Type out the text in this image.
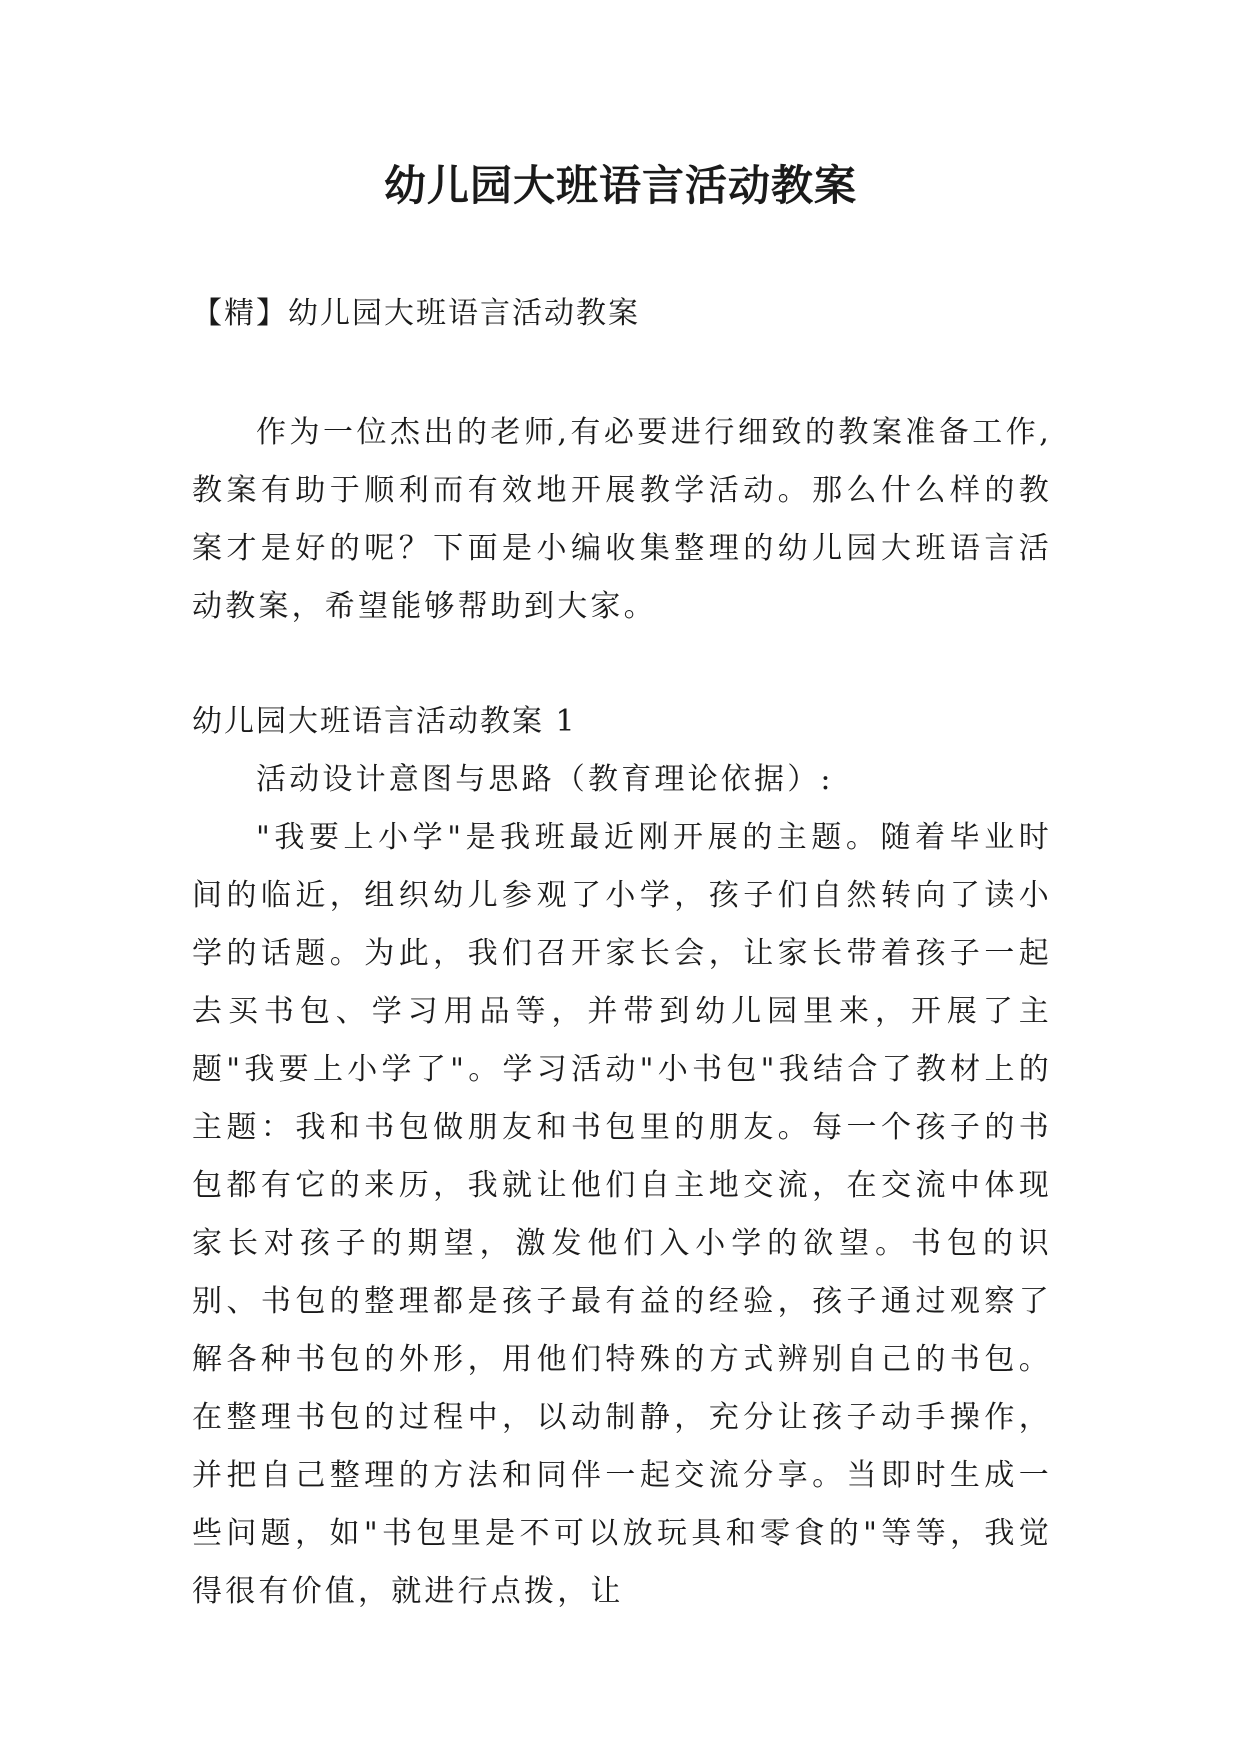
幼儿园大班语言活动教案
【精】幼儿园大班语言活动教案

作为一位杰出的老师,有必要进行细致的教案准备工作,教案有助于顺利而有效地开展教学活动。那么什么样的教案才是好的呢？下面是小编收集整理的幼儿园大班语言活动教案，希望能够帮助到大家。

幼儿园大班语言活动教案 1

活动设计意图与思路（教育理论依据）:

"我要上小学"是我班最近刚开展的主题。随着毕业时间的临近，组织幼儿参观了小学，孩子们自然转向了读小学的话题。为此，我们召开家长会，让家长带着孩子一起去买书包、学习用品等，并带到幼儿园里来，开展了主题"我要上小学了"。学习活动"小书包"我结合了教材上的主题：我和书包做朋友和书包里的朋友。每一个孩子的书包都有它的来历，我就让他们自主地交流，在交流中体现家长对孩子的期望，激发他们入小学的欲望。书包的识别、书包的整理都是孩子最有益的经验，孩子通过观察了解各种书包的外形，用他们特殊的方式辨别自己的书包。在整理书包的过程中，以动制静，充分让孩子动手操作，并把自己整理的方法和同伴一起交流分享。当即时生成一些问题，如"书包里是不可以放玩具和零食的"等等，我觉得很有价值，就进行点拨，让
